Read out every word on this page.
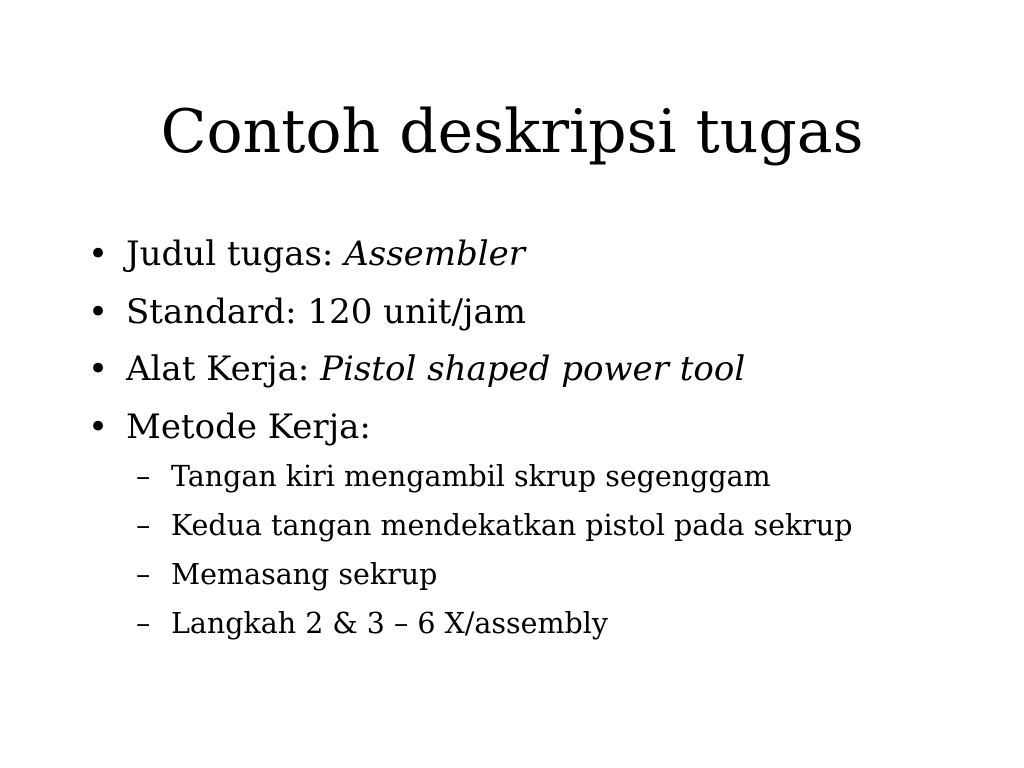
Contoh deskripsi tugas
• Judul tugas: Assembler
• Standard: 120 unit/jam
• Alat Kerja: Pistol shaped power tool
• Metode Kerja:
– Tangan kiri mengambil skrup segenggam
– Kedua tangan mendekatkan pistol pada sekrup
– Memasang sekrup
– Langkah 2 & 3 – 6 X/assembly
